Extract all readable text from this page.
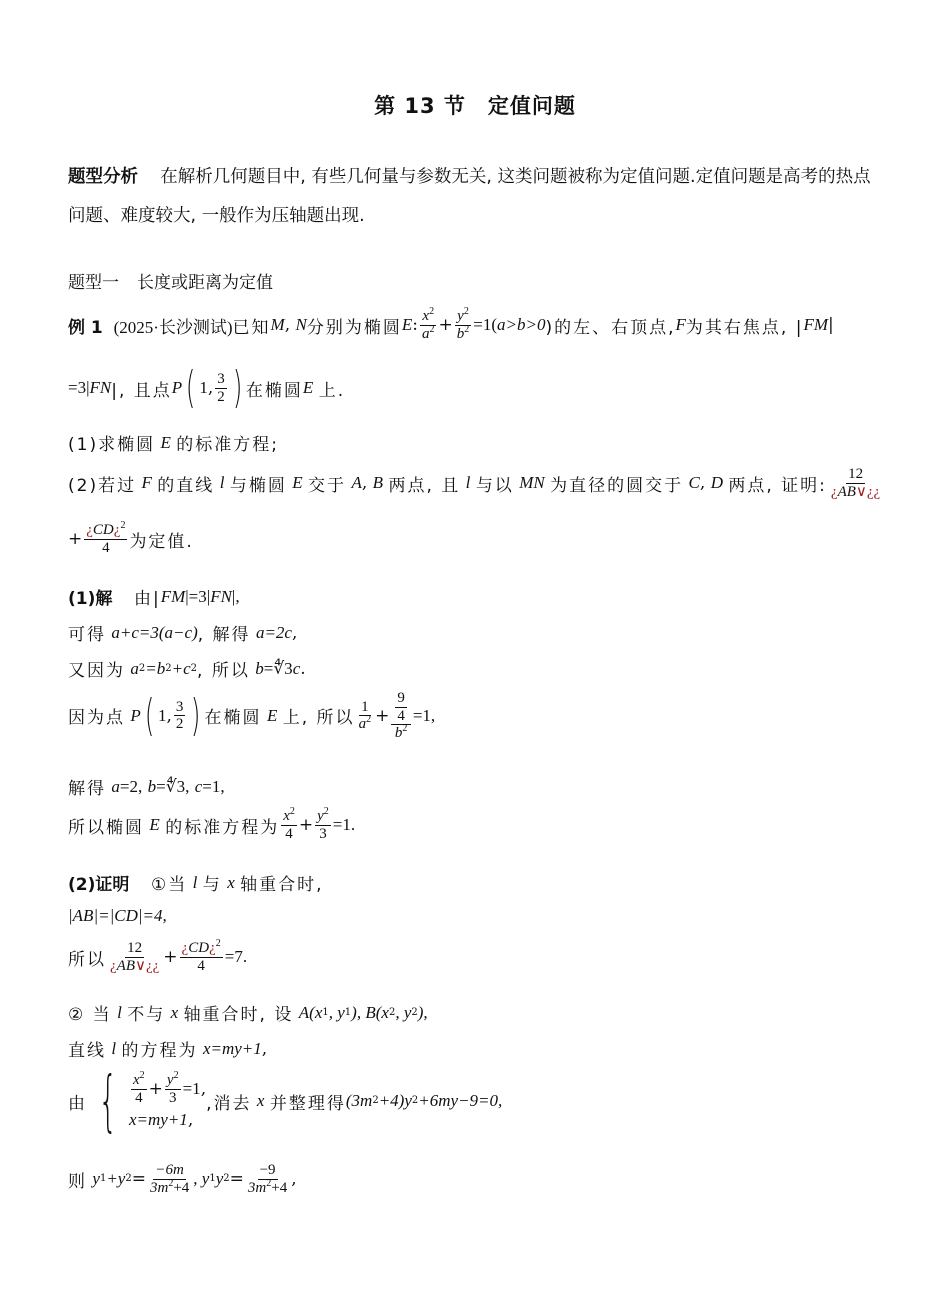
第 13 节 定值问题
题型分析 在解析几何题目中, 有些几何量与参数无关, 这类问题被称为定值问题.定值问题是高考的热点问题、难度较大, 一般作为压轴题出现.
题型一 长度或距离为定值
例 1
(2025·长沙测试) 已知 M ,
N 分别为椭圆 E : $\frac{x^2}{a^2} + \frac{y^2}{b^2} =1$( a>b>0 )的左、右顶点, F 为其右焦点, | FM |
=3| FN |, 且点 P ( 1 , $\frac{3}{2}$ ) 在椭圆 E
上.
(1)求椭圆
E
的标准方程;
(2)若过
F
的直线
l
与椭圆
E
交于
A ,
B
两点, 且
l
与以
MN
为直径的圆交于
C ,
D
两点, 证明: $\frac{12}{¿AB\vee¿¿}$
+ $\frac{¿CD¿^2}{4}$ 为定值.
(1)解
由| FM |=3| FN |,
可得
a+c=3(a−c) , 解得
a=2c ,
又因为
a 2 =b 2 +c 2 , 所以
b =∜3 c .
因为点
P ( 1 , $\frac{3}{2}$ ) 在椭圆
E
上, 所以 $\frac{1}{a^2} + \frac{\frac{9}{4}}{b^2} =1$,
解得
a =2,
b =∜3,
c =1,
所以椭圆
E
的标准方程为 $\frac{x^2}{4} + \frac{y^2}{3} =1$.
(2)证明
①当
l
与
x
轴重合时,
|AB|=|CD|=4,
所以 $\frac{12}{¿AB\vee¿¿} + \frac{¿CD¿^2}{4} =7$.
② 当
l
不与
x
轴重合时, 设
A(x 1 , y 1 ), B(x 2 , y 2 ),
直线
l
的方程为
x=my+1 ,
由 { $\frac{x^2}{4} + \frac{y^2}{3} =1$ ,
x=my+1 ,
,消去
x
并整理得 (3m 2 +4)y 2 +6my−9=0,
则
y 1 +y $2 = \frac{-6m}{3m^2+4}$ , y 1 y $2 = \frac{-9}{3m^2+4}$ ,
